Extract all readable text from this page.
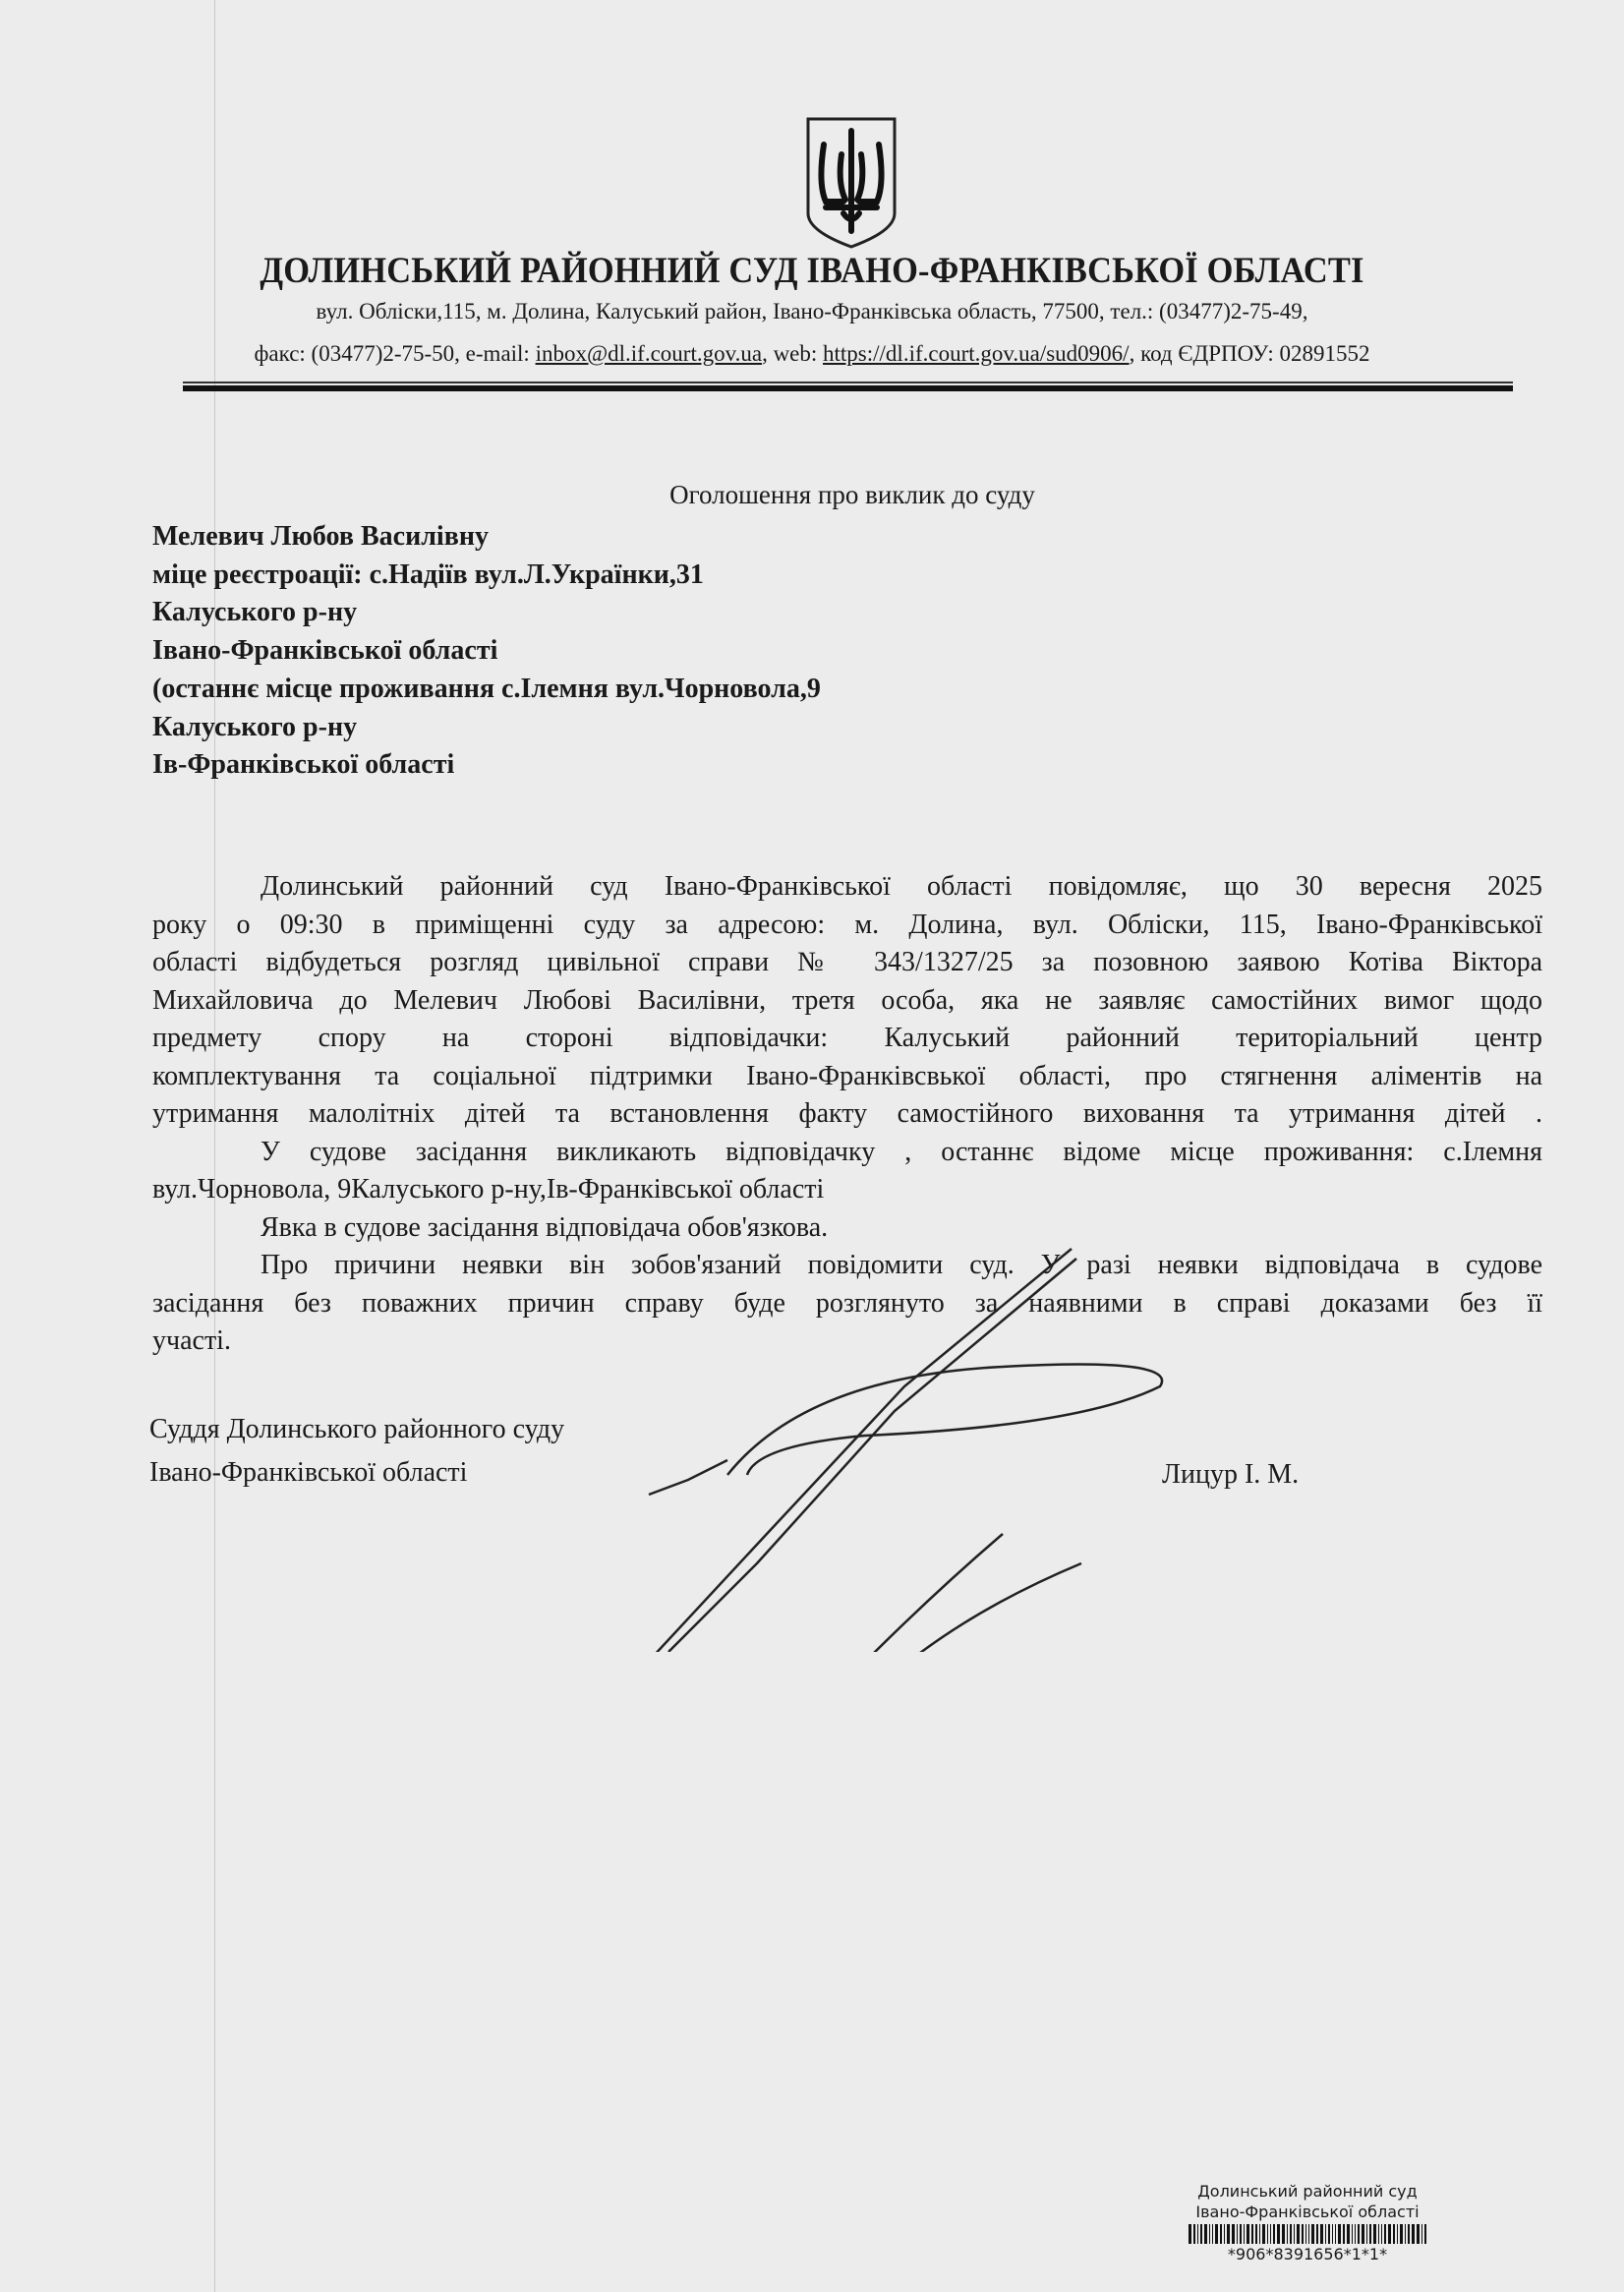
ДОЛИНСЬКИЙ РАЙОННИЙ СУД ІВАНО-ФРАНКІВСЬКОЇ ОБЛАСТІ
вул. Обліски,115, м. Долина, Калуський район, Івано-Франківська область, 77500, тел.: (03477)2-75-49,
факс: (03477)2-75-50, e-mail: inbox@dl.if.court.gov.ua, web: https://dl.if.court.gov.ua/sud0906/, код ЄДРПОУ: 02891552
Оголошення про виклик до суду
Мелевич Любов Василівну
міце реєстроації: с.Надіїв вул.Л.Українки,31
Калуського р-ну
Івано-Франківської області
(останнє місце проживання с.Ілемня вул.Чорновола,9
Калуського р-ну
Ів-Франківської області
Долинський районний суд Івано-Франківської області повідомляє, що 30 вересня 2025
року о 09:30 в приміщенні суду за адресою: м. Долина, вул. Обліски, 115, Івано-Франківської
області відбудеться розгляд цивільної справи № 343/1327/25 за позовною заявою Котіва Віктора
Михайловича до Мелевич Любові Василівни, третя особа, яка не заявляє самостійних вимог щодо
предмету спору на стороні відповідачки: Калуський районний територіальний центр
комплектування та соціальної підтримки Івано-Франківсвької області, про стягнення аліментів на
утримання малолітніх дітей та встановлення факту самостійного виховання та утримання дітей .
У судове засідання викликають відповідачку , останнє відоме місце проживання: с.Ілемня
вул.Чорновола, 9Калуського р-ну,Ів-Франківської області
Явка в судове засідання відповідача обов'язкова.
Про причини неявки він зобов'язаний повідомити суд. У разі неявки відповідача в судове
засідання без поважних причин справу буде розглянуто за наявними в справі доказами без її
участі.
Суддя Долинського районного суду
Івано-Франківської області	Лицур І. М.
Долинський районний суд
Івано-Франківської області
*906*8391656*1*1*
